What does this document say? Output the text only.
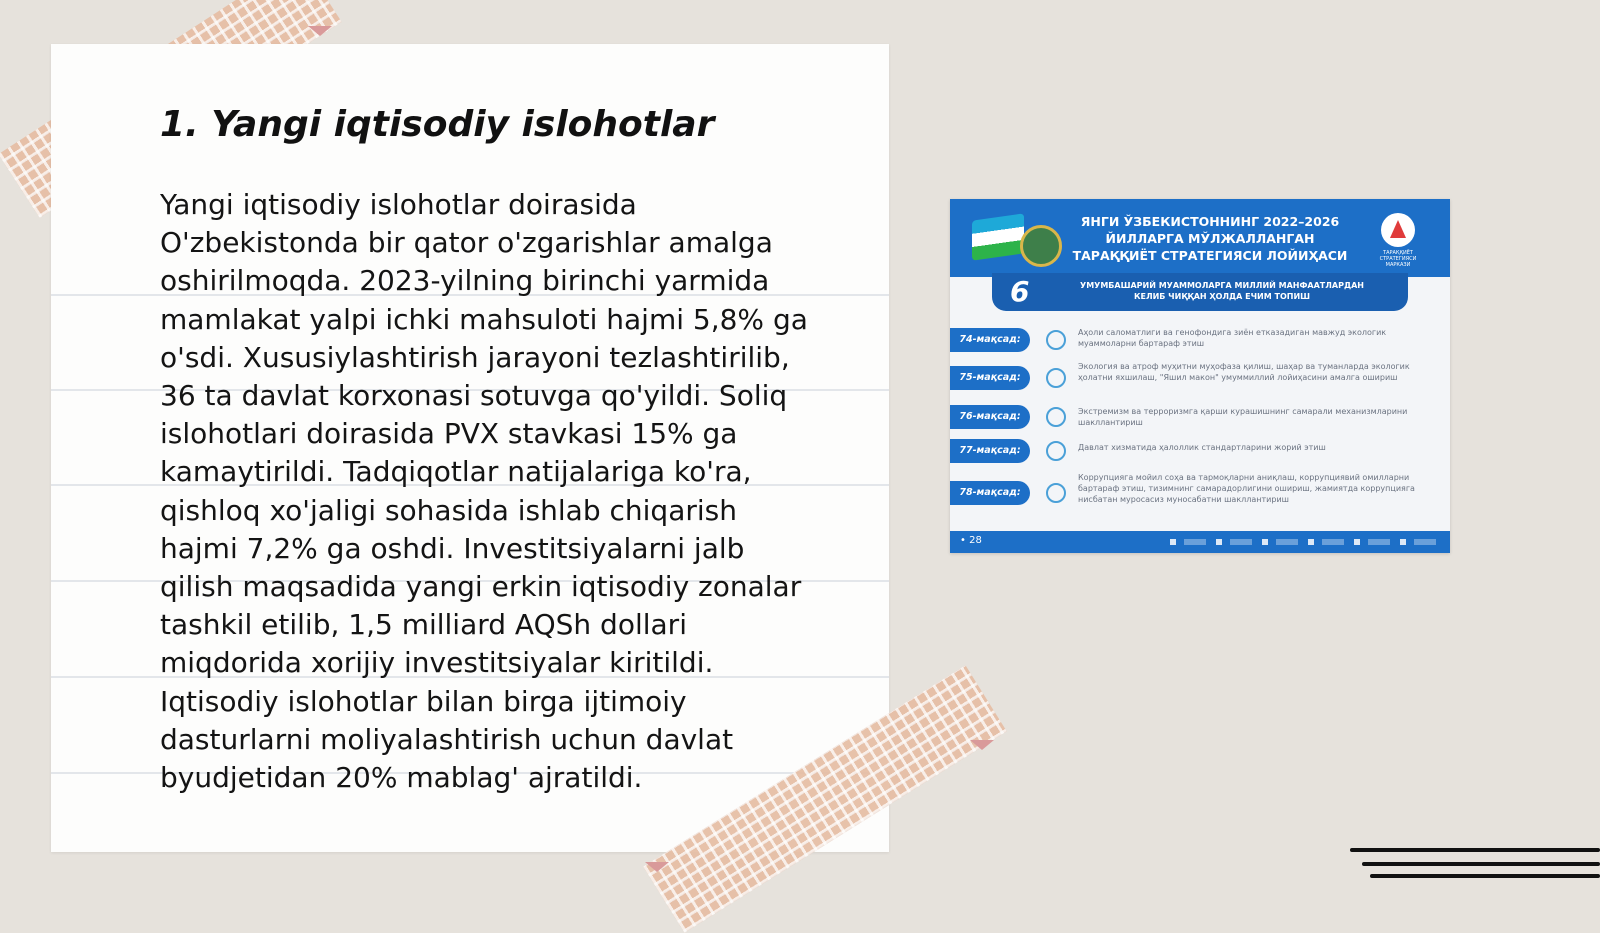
1. Yangi iqtisodiy islohotlar

Yangi iqtisodiy islohotlar doirasida O'zbekistonda bir qator o'zgarishlar amalga oshirilmoqda. 2023-yilning birinchi yarmida mamlakat yalpi ichki mahsuloti hajmi 5,8% ga o'sdi. Xususiylashtirish jarayoni tezlashtirilib, 36 ta davlat korxonasi sotuvga qo'yildi. Soliq islohotlari doirasida PVX stavkasi 15% ga kamaytirildi. Tadqiqotlar natijalariga ko'ra, qishloq xo'jaligi sohasida ishlab chiqarish hajmi 7,2% ga oshdi. Investitsiyalarni jalb qilish maqsadida yangi erkin iqtisodiy zonalar tashkil etilib, 1,5 milliard AQSh dollari miqdorida xorijiy investitsiyalar kiritildi. Iqtisodiy islohotlar bilan birga ijtimoiy dasturlarni moliyalashtirish uchun davlat byudjetidan 20% mablag' ajratildi.

ЯНГИ ЎЗБЕКИСТОННИНГ 2022–2026 ЙИЛЛАРГА МЎЛЖАЛЛАНГАН ТАРАҚҚИЁТ СТРАТЕГИЯСИ ЛОЙИҲАСИ	ТАРАҚҚИЁТ СТРАТЕГИЯСИ МАРКАЗИ
6	УМУМБАШАРИЙ МУАММОЛАРГА МИЛЛИЙ МАНФААТЛАРДАН КЕЛИБ ЧИҚҚАН ҲОЛДА ЕЧИМ ТОПИШ
74-мақсад:
Аҳоли саломатлиги ва генофондига зиён етказадиган мавжуд экологик муаммоларни бартараф этиш
75-мақсад:
Экология ва атроф муҳитни муҳофаза қилиш, шаҳар ва туманларда экологик ҳолатни яхшилаш, "Яшил макон" умуммиллий лойиҳасини амалга ошириш
76-мақсад:	Экстремизм ва терроризмга қарши курашишнинг самарали механизмларини шакллантириш
77-мақсад:	Давлат хизматида ҳалоллик стандартларини жорий этиш
78-мақсад:
Коррупцияга мойил соҳа ва тармоқларни аниқлаш, коррупциявий омилларни бартараф этиш, тизимнинг самарадорлигини ошириш, жамиятда коррупцияга нисбатан муросасиз муносабатни шакллантириш
• 28
